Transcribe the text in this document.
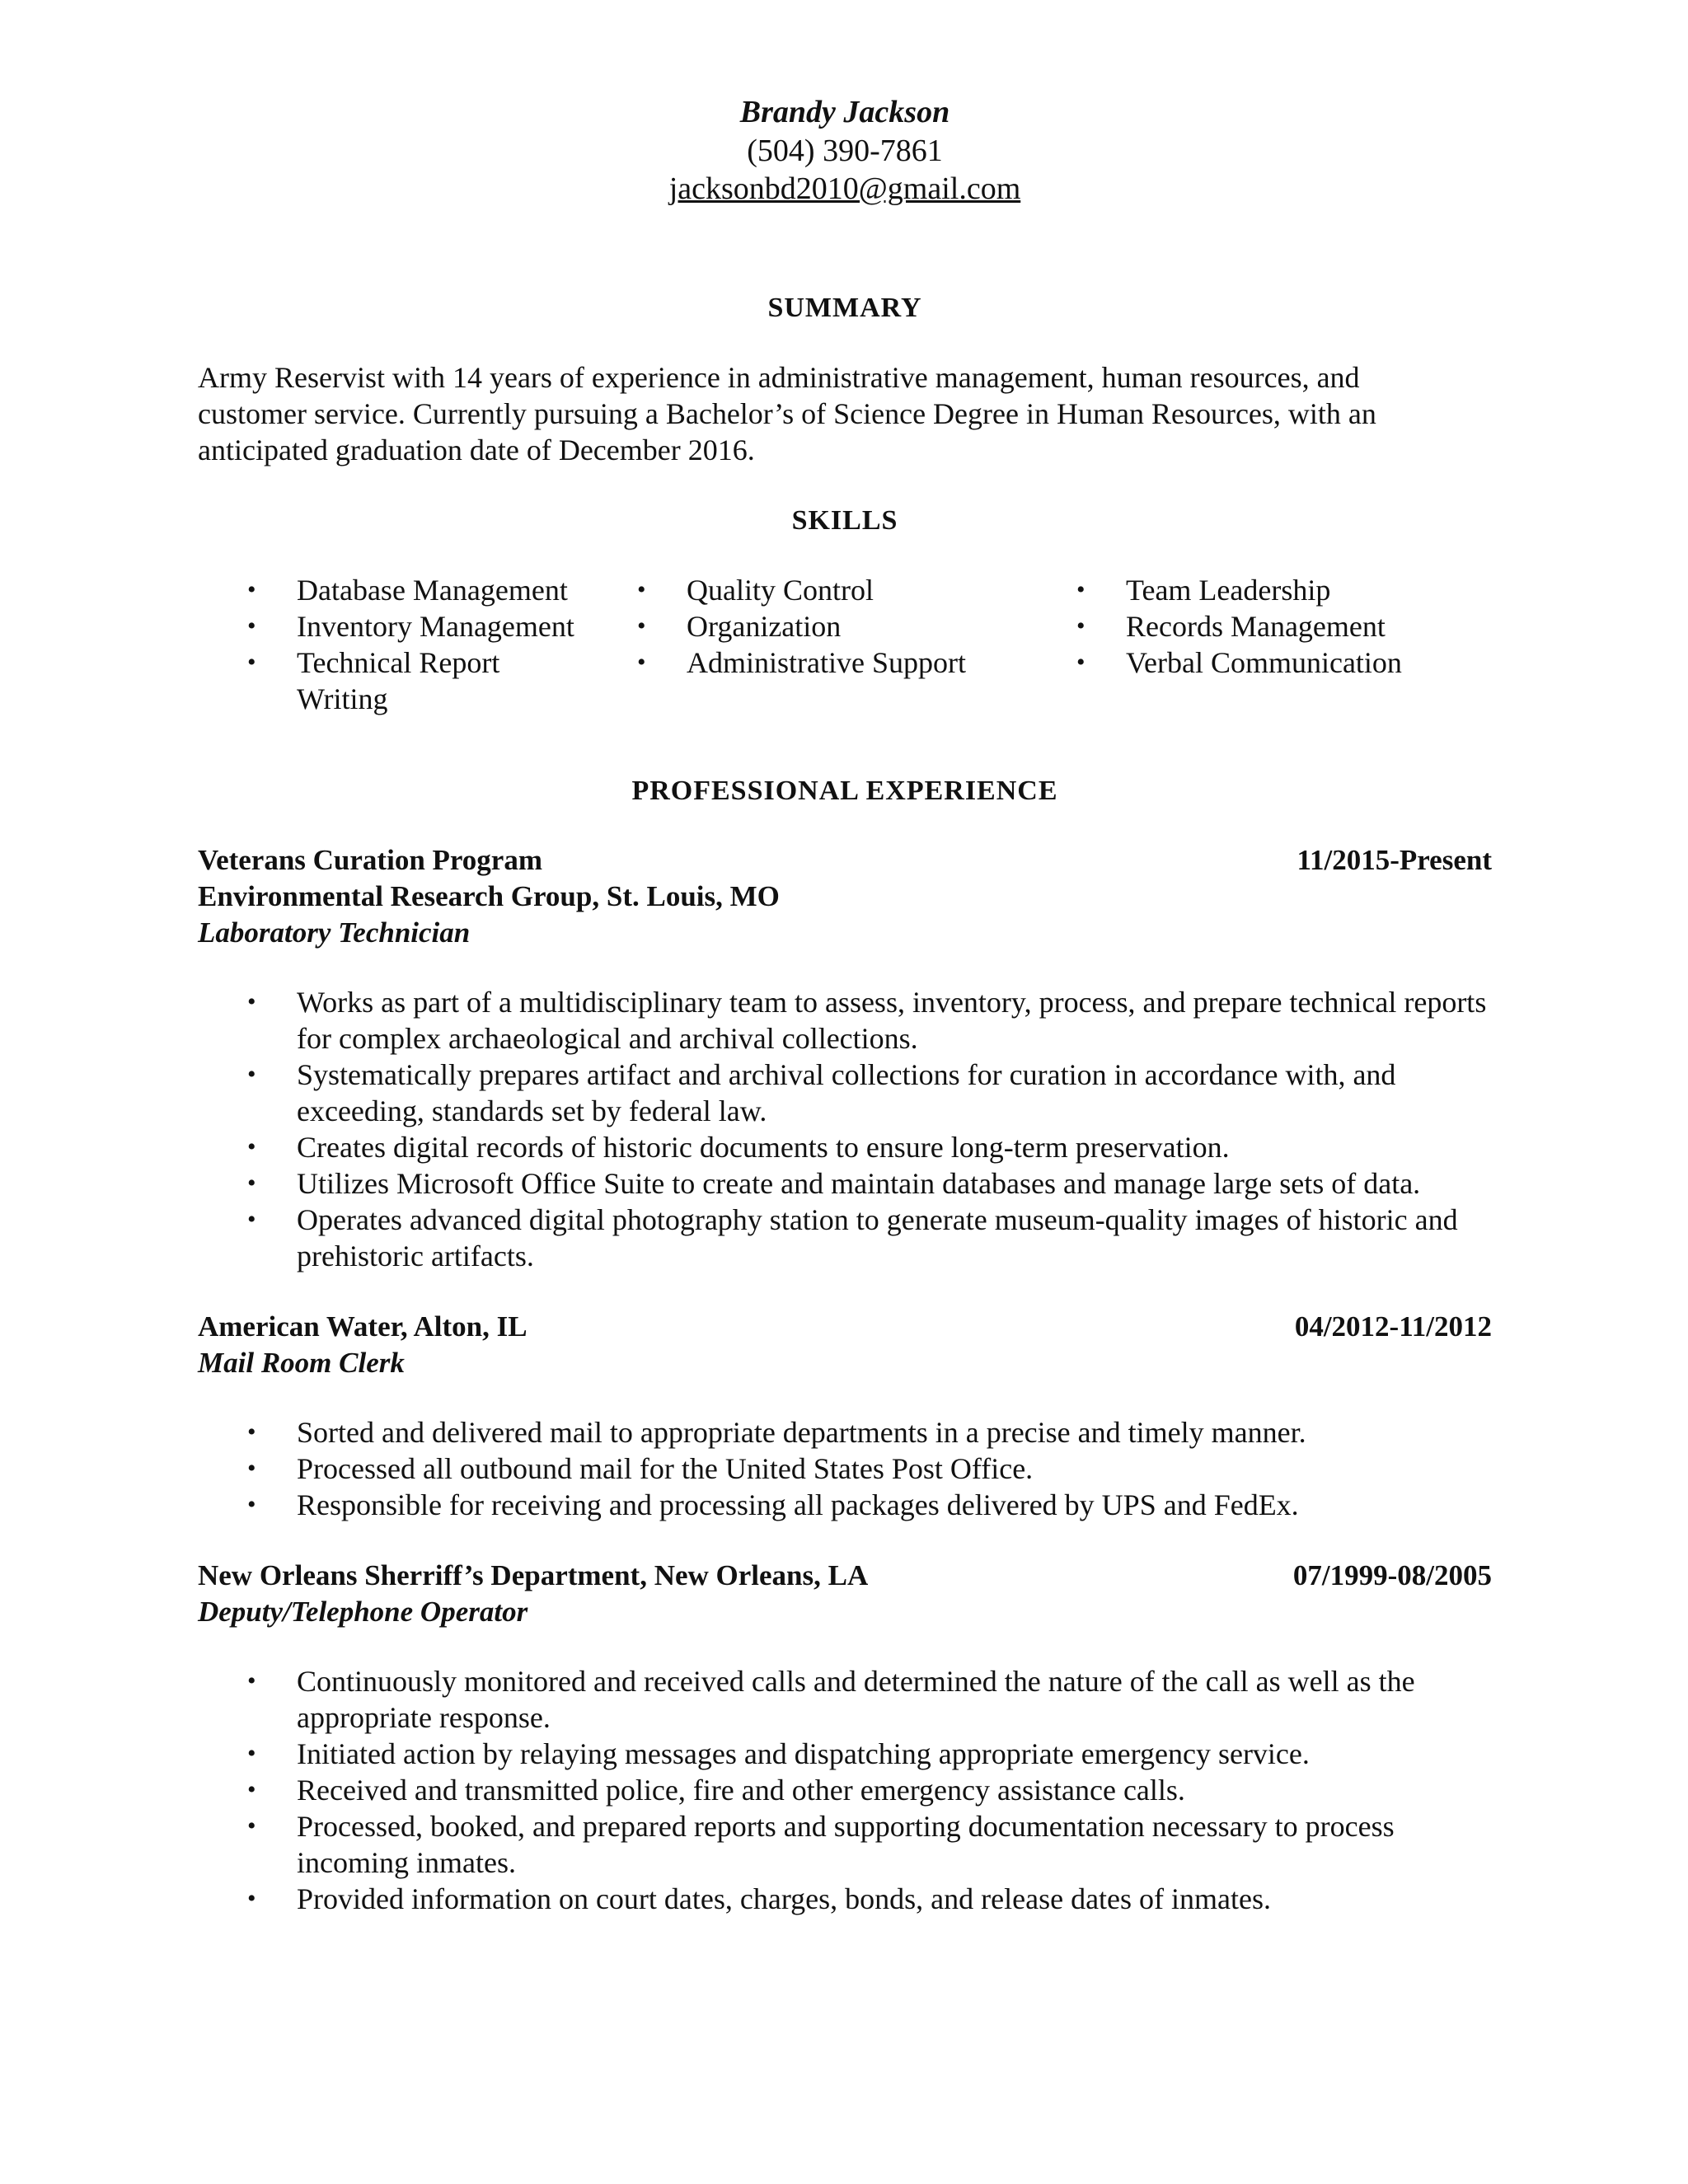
Brandy Jackson
(504) 390-7861
jacksonbd2010@gmail.com
SUMMARY
Army Reservist with 14 years of experience in administrative management, human resources, and customer service. Currently pursuing a Bachelor’s of Science Degree in Human Resources, with an anticipated graduation date of December 2016.
SKILLS
• Database Management
• Inventory Management
• Technical Report Writing
• Quality Control
• Organization
• Administrative Support
• Team Leadership
• Records Management
• Verbal Communication
PROFESSIONAL EXPERIENCE
Veterans Curation Program	11/2015-Present
Environmental Research Group, St. Louis, MO
Laboratory Technician
• Works as part of a multidisciplinary team to assess, inventory, process, and prepare technical reports for complex archaeological and archival collections.
• Systematically prepares artifact and archival collections for curation in accordance with, and exceeding, standards set by federal law.
• Creates digital records of historic documents to ensure long-term preservation.
• Utilizes Microsoft Office Suite to create and maintain databases and manage large sets of data.
• Operates advanced digital photography station to generate museum-quality images of historic and prehistoric artifacts.
American Water, Alton, IL	04/2012-11/2012
Mail Room Clerk
• Sorted and delivered mail to appropriate departments in a precise and timely manner.
• Processed all outbound mail for the United States Post Office.
• Responsible for receiving and processing all packages delivered by UPS and FedEx.
New Orleans Sherriff’s Department, New Orleans, LA	07/1999-08/2005
Deputy/Telephone Operator
• Continuously monitored and received calls and determined the nature of the call as well as the appropriate response.
• Initiated action by relaying messages and dispatching appropriate emergency service.
• Received and transmitted police, fire and other emergency assistance calls.
• Processed, booked, and prepared reports and supporting documentation necessary to process incoming inmates.
• Provided information on court dates, charges, bonds, and release dates of inmates.
